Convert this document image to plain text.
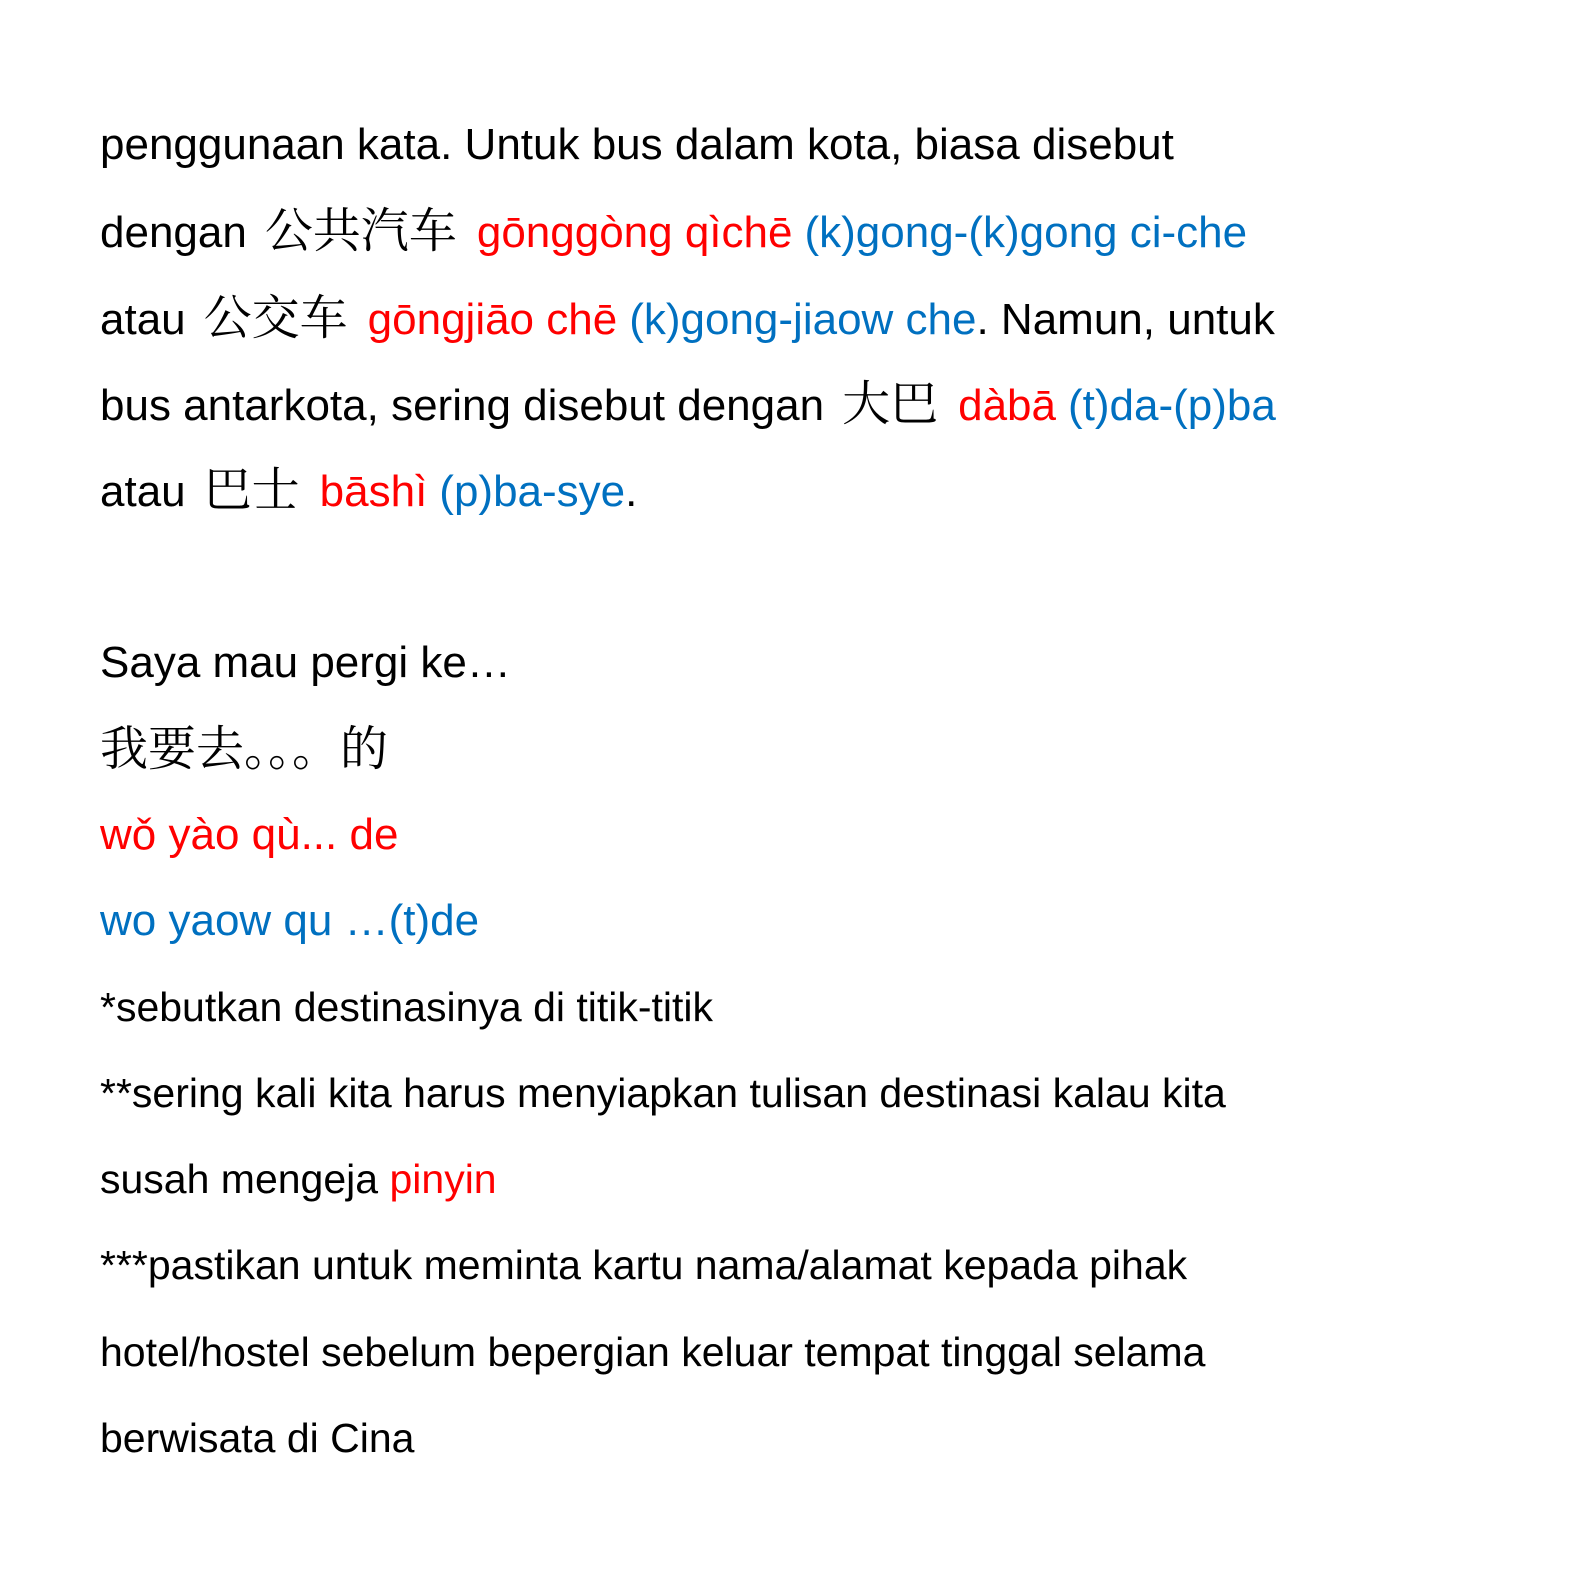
penggunaan kata. Untuk bus dalam kota, biasa disebut
dengan 公共汽车 gōnggòng qìchē (k)gong-(k)gong ci-che
atau 公交车 gōngjiāo chē (k)gong-jiaow che. Namun, untuk
bus antarkota, sering disebut dengan 大巴 dàbā (t)da-(p)ba
atau 巴士 bāshì (p)ba-sye.
Saya mau pergi ke…
我要去。。。的
wǒ yào qù... de
wo yaow qu …(t)de
*sebutkan destinasinya di titik-titik
**sering kali kita harus menyiapkan tulisan destinasi kalau kita
susah mengeja pinyin
***pastikan untuk meminta kartu nama/alamat kepada pihak
hotel/hostel sebelum bepergian keluar tempat tinggal selama
berwisata di Cina
